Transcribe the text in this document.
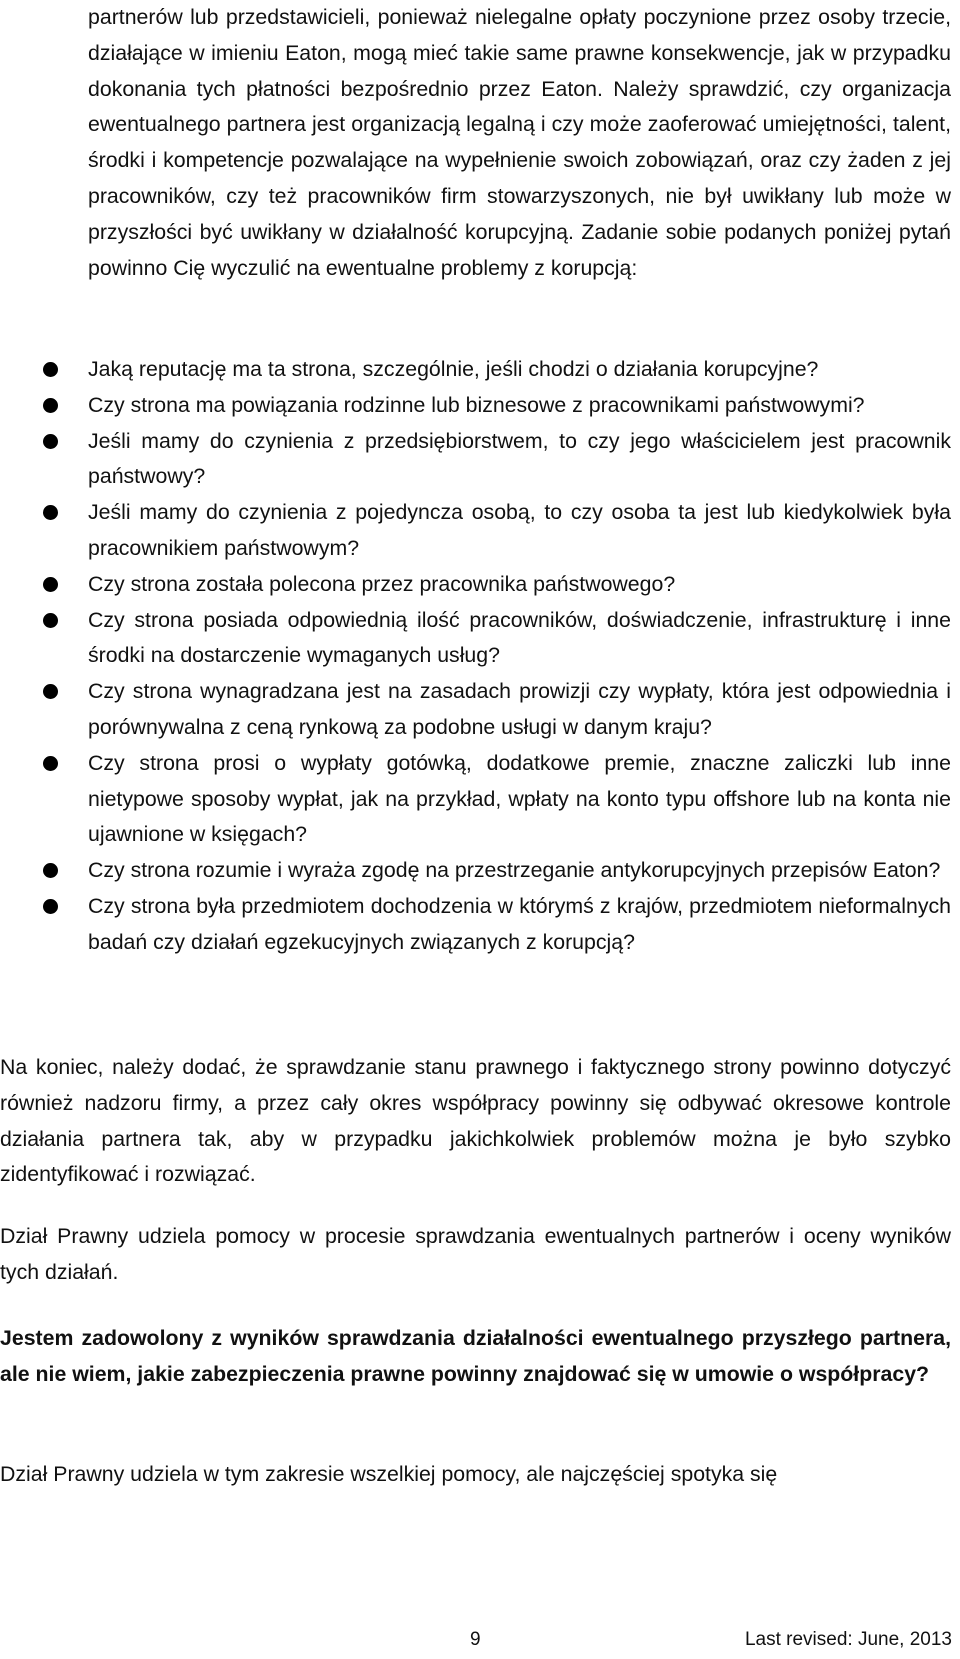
partnerów lub przedstawicieli, ponieważ nielegalne opłaty poczynione przez osoby trzecie, działające w imieniu Eaton, mogą mieć takie same prawne konsekwencje, jak w przypadku dokonania tych płatności bezpośrednio przez Eaton. Należy sprawdzić, czy organizacja ewentualnego partnera jest organizacją legalną i czy może zaoferować umiejętności, talent, środki i kompetencje pozwalające na wypełnienie swoich zobowiązań, oraz czy żaden z jej pracowników, czy też pracowników firm stowarzyszonych, nie był uwikłany lub może w przyszłości być uwikłany w działalność korupcyjną. Zadanie sobie podanych poniżej pytań powinno Cię wyczulić na ewentualne problemy z korupcją:

Jaką reputację ma ta strona, szczególnie, jeśli chodzi o działania korupcyjne?
Czy strona ma powiązania rodzinne lub biznesowe z pracownikami państwowymi?
Jeśli mamy do czynienia z przedsiębiorstwem, to czy jego właścicielem jest pracownik państwowy?
Jeśli mamy do czynienia z pojedyncza osobą, to czy osoba ta jest lub kiedykolwiek była pracownikiem państwowym?
Czy strona została polecona przez pracownika państwowego?
Czy strona posiada odpowiednią ilość pracowników, doświadczenie, infrastrukturę i inne środki na dostarczenie wymaganych usług?
Czy strona wynagradzana jest na zasadach prowizji czy wypłaty, która jest odpowiednia i porównywalna z ceną rynkową za podobne usługi w danym kraju?
Czy strona prosi o wypłaty gotówką, dodatkowe premie, znaczne zaliczki lub inne nietypowe sposoby wypłat, jak na przykład, wpłaty na konto typu offshore lub na konta nie ujawnione w księgach?
Czy strona rozumie i wyraża zgodę na przestrzeganie antykorupcyjnych przepisów Eaton?
Czy strona była przedmiotem dochodzenia w którymś z krajów, przedmiotem nieformalnych badań czy działań egzekucyjnych związanych z korupcją?

Na koniec, należy dodać, że sprawdzanie stanu prawnego i faktycznego strony powinno dotyczyć również nadzoru firmy, a przez cały okres współpracy powinny się odbywać okresowe kontrole działania partnera tak, aby w przypadku jakichkolwiek problemów można je było szybko zidentyfikować i rozwiązać.

Dział Prawny udziela pomocy w procesie sprawdzania ewentualnych partnerów i oceny wyników tych działań.

Jestem zadowolony z wyników sprawdzania działalności ewentualnego przyszłego partnera, ale nie wiem, jakie zabezpieczenia prawne powinny znajdować się w umowie o współpracy?

Dział Prawny udziela w tym zakresie wszelkiej pomocy, ale najczęściej spotyka się

9	Last revised: June, 2013
